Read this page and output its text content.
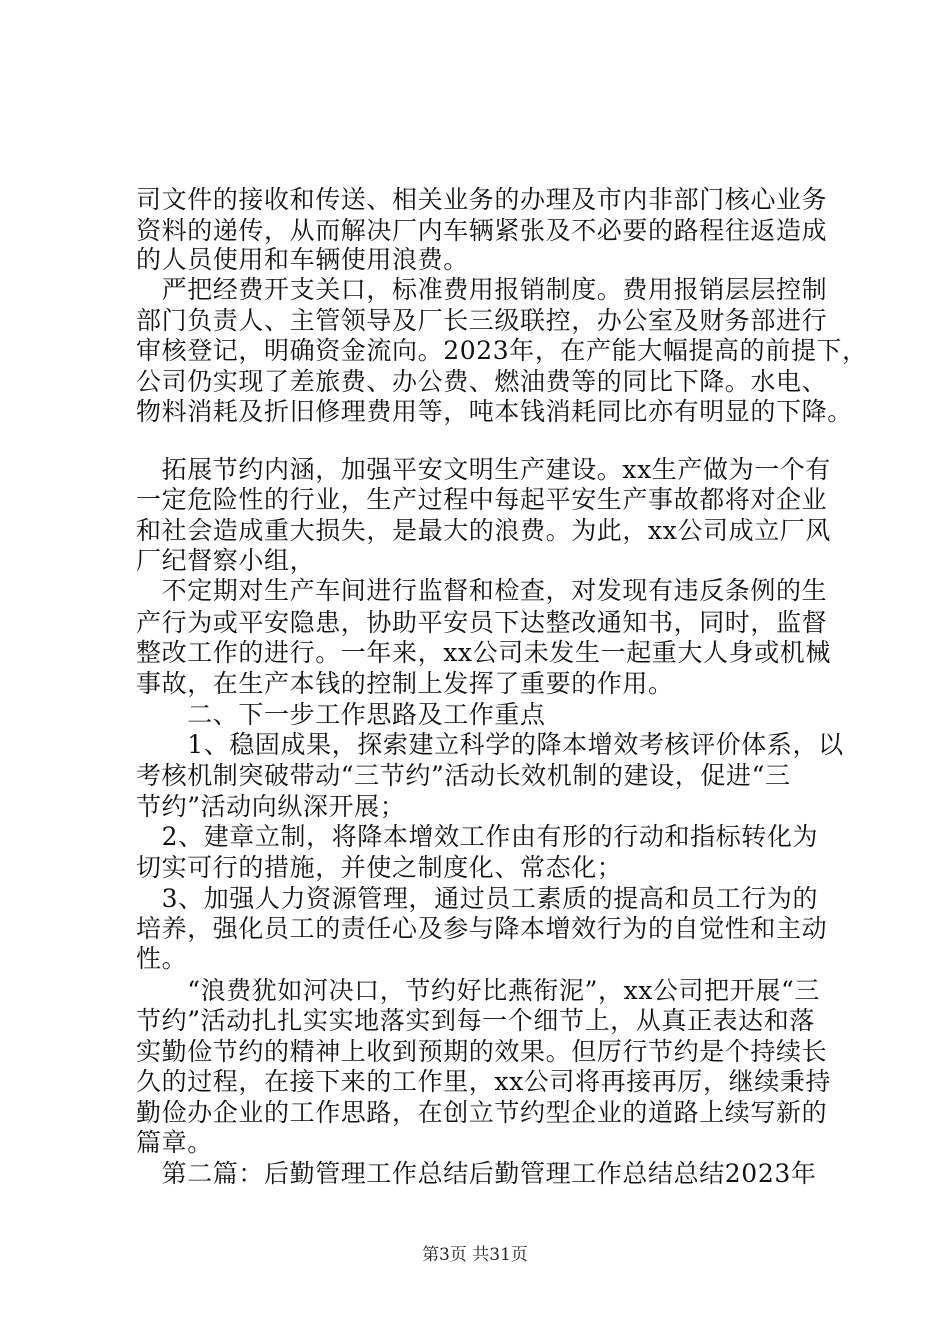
司文件的接收和传送、相关业务的办理及市内非部门核心业务
资料的递传，从而解决厂内车辆紧张及不必要的路程往返造成
的人员使用和车辆使用浪费。
　严把经费开支关口，标准费用报销制度。费用报销层层控制
部门负责人、主管领导及厂长三级联控，办公室及财务部进行
审核登记，明确资金流向。2023年，在产能大幅提高的前提下，
公司仍实现了差旅费、办公费、燃油费等的同比下降。水电、
物料消耗及折旧修理费用等，吨本钱消耗同比亦有明显的下降。
　拓展节约内涵，加强平安文明生产建设。xx生产做为一个有
一定危险性的行业，生产过程中每起平安生产事故都将对企业
和社会造成重大损失，是最大的浪费。为此，xx公司成立厂风
厂纪督察小组，
　不定期对生产车间进行监督和检查，对发现有违反条例的生
产行为或平安隐患，协助平安员下达整改通知书，同时，监督
整改工作的进行。一年来，xx公司未发生一起重大人身或机械
事故，在生产本钱的控制上发挥了重要的作用。
　　二、下一步工作思路及工作重点
　　1、稳固成果，探索建立科学的降本增效考核评价体系，以
考核机制突破带动“三节约”活动长效机制的建设，促进“三
节约”活动向纵深开展；
　2、建章立制，将降本增效工作由有形的行动和指标转化为
切实可行的措施，并使之制度化、常态化；
　3、加强人力资源管理，通过员工素质的提高和员工行为的
培养，强化员工的责任心及参与降本增效行为的自觉性和主动
性。
　　“浪费犹如河决口，节约好比燕衔泥”，xx公司把开展“三
节约”活动扎扎实实地落实到每一个细节上，从真正表达和落
实勤俭节约的精神上收到预期的效果。但厉行节约是个持续长
久的过程，在接下来的工作里，xx公司将再接再厉，继续秉持
勤俭办企业的工作思路，在创立节约型企业的道路上续写新的
篇章。
　第二篇：后勤管理工作总结后勤管理工作总结总结2023年
第3页 共31页
